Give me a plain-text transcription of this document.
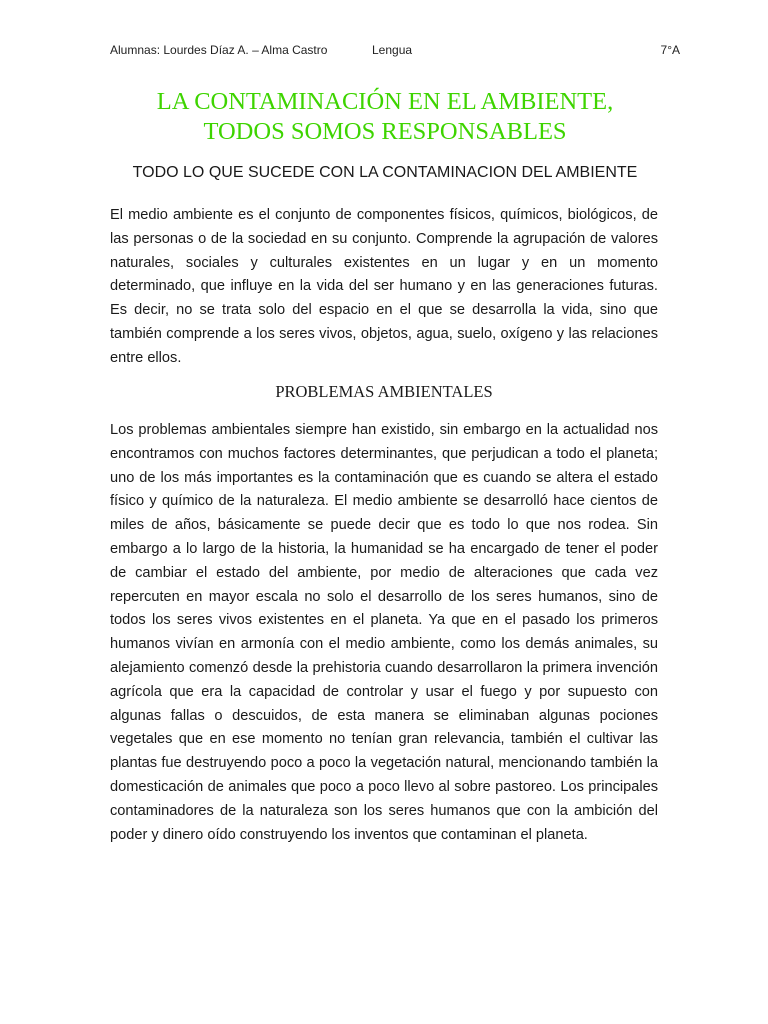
Alumnas: Lourdes Díaz A. – Alma Castro	Lengua	7°A
LA CONTAMINACIÓN EN EL AMBIENTE,
TODOS SOMOS RESPONSABLES
TODO LO QUE SUCEDE CON LA CONTAMINACION DEL AMBIENTE

El medio ambiente es el conjunto de componentes físicos, químicos, biológicos, de las personas o de la sociedad en su conjunto. Comprende la agrupación de valores naturales, sociales y culturales existentes en un lugar y en un momento determinado, que influye en la vida del ser humano y en las generaciones futuras. Es decir, no se trata solo del espacio en el que se desarrolla la vida, sino que también comprende a los seres vivos, objetos, agua, suelo, oxígeno y las relaciones entre ellos.

PROBLEMAS AMBIENTALES

Los problemas ambientales siempre han existido, sin embargo en la actualidad nos encontramos con muchos factores determinantes, que perjudican a todo el planeta; uno de los más importantes es la contaminación que es cuando se altera el estado físico y químico de la naturaleza. El medio ambiente se desarrolló hace cientos de miles de años, básicamente se puede decir que es todo lo que nos rodea. Sin embargo a lo largo de la historia, la humanidad se ha encargado de tener el poder de cambiar el estado del ambiente, por medio de alteraciones que cada vez repercuten en mayor escala no solo el desarrollo de los seres humanos, sino de todos los seres vivos existentes en el planeta. Ya que en el pasado los primeros humanos vivían en armonía con el medio ambiente, como los demás animales, su alejamiento comenzó desde la prehistoria cuando desarrollaron la primera invención agrícola que era la capacidad de controlar y usar el fuego y por supuesto con algunas fallas o descuidos, de esta manera se eliminaban algunas pociones vegetales que en ese momento no tenían gran relevancia, también el cultivar las plantas fue destruyendo poco a poco la vegetación natural, mencionando también la domesticación de animales que poco a poco llevo al sobre pastoreo. Los principales contaminadores de la naturaleza son los seres humanos que con la ambición del poder y dinero oído construyendo los inventos que contaminan el planeta.
